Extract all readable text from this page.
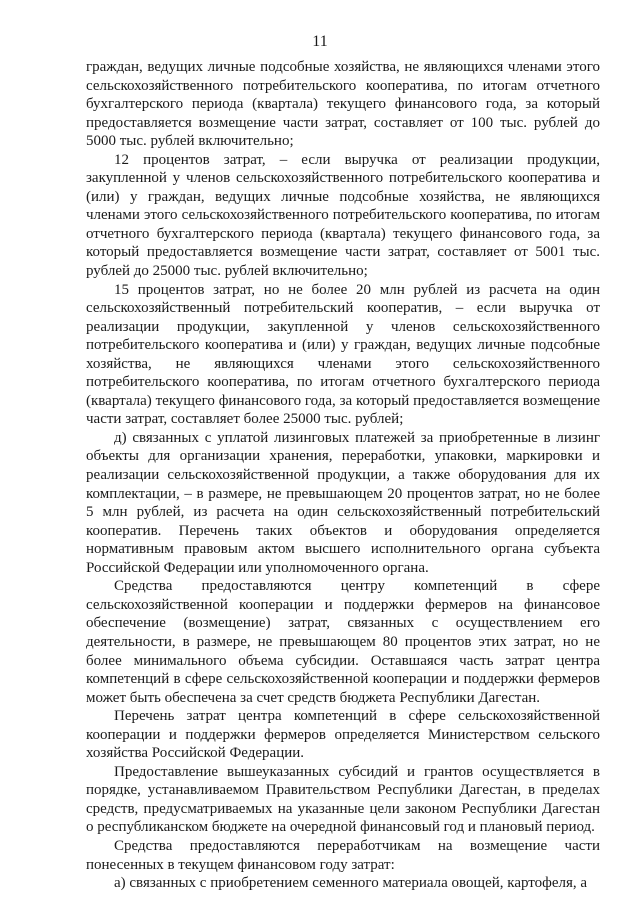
11

граждан, ведущих личные подсобные хозяйства, не являющихся членами этого сельскохозяйственного потребительского кооператива, по итогам отчетного бухгалтерского периода (квартала) текущего финансового года, за который предоставляется возмещение части затрат, составляет от 100 тыс. рублей до 5000 тыс. рублей включительно;

12 процентов затрат, – если выручка от реализации продукции, закупленной у членов сельскохозяйственного потребительского кооператива и (или) у граждан, ведущих личные подсобные хозяйства, не являющихся членами этого сельскохозяйственного потребительского кооператива, по итогам отчетного бухгалтерского периода (квартала) текущего финансового года, за который предоставляется возмещение части затрат, составляет от 5001 тыс. рублей до 25000 тыс. рублей включительно;

15 процентов затрат, но не более 20 млн рублей из расчета на один сельскохозяйственный потребительский кооператив, – если выручка от реализации продукции, закупленной у членов сельскохозяйственного потребительского кооператива и (или) у граждан, ведущих личные подсобные хозяйства, не являющихся членами этого сельскохозяйственного потребительского кооператива, по итогам отчетного бухгалтерского периода (квартала) текущего финансового года, за который предоставляется возмещение части затрат, составляет более 25000 тыс. рублей;

д) связанных с уплатой лизинговых платежей за приобретенные в лизинг объекты для организации хранения, переработки, упаковки, маркировки и реализации сельскохозяйственной продукции, а также оборудования для их комплектации, – в размере, не превышающем 20 процентов затрат, но не более 5 млн рублей, из расчета на один сельскохозяйственный потребительский кооператив. Перечень таких объектов и оборудования определяется нормативным правовым актом высшего исполнительного органа субъекта Российской Федерации или уполномоченного органа.

Средства предоставляются центру компетенций в сфере сельскохозяйственной кооперации и поддержки фермеров на финансовое обеспечение (возмещение) затрат, связанных с осуществлением его деятельности, в размере, не превышающем 80 процентов этих затрат, но не более минимального объема субсидии. Оставшаяся часть затрат центра компетенций в сфере сельскохозяйственной кооперации и поддержки фермеров может быть обеспечена за счет средств бюджета Республики Дагестан.

Перечень затрат центра компетенций в сфере сельскохозяйственной кооперации и поддержки фермеров определяется Министерством сельского хозяйства Российской Федерации.

Предоставление вышеуказанных субсидий и грантов осуществляется в порядке, устанавливаемом Правительством Республики Дагестан, в пределах средств, предусматриваемых на указанные цели законом Республики Дагестан о республиканском бюджете на очередной финансовый год и плановый период.

Средства предоставляются переработчикам на возмещение части понесенных в текущем финансовом году затрат:

а) связанных с приобретением семенного материала овощей, картофеля, а
